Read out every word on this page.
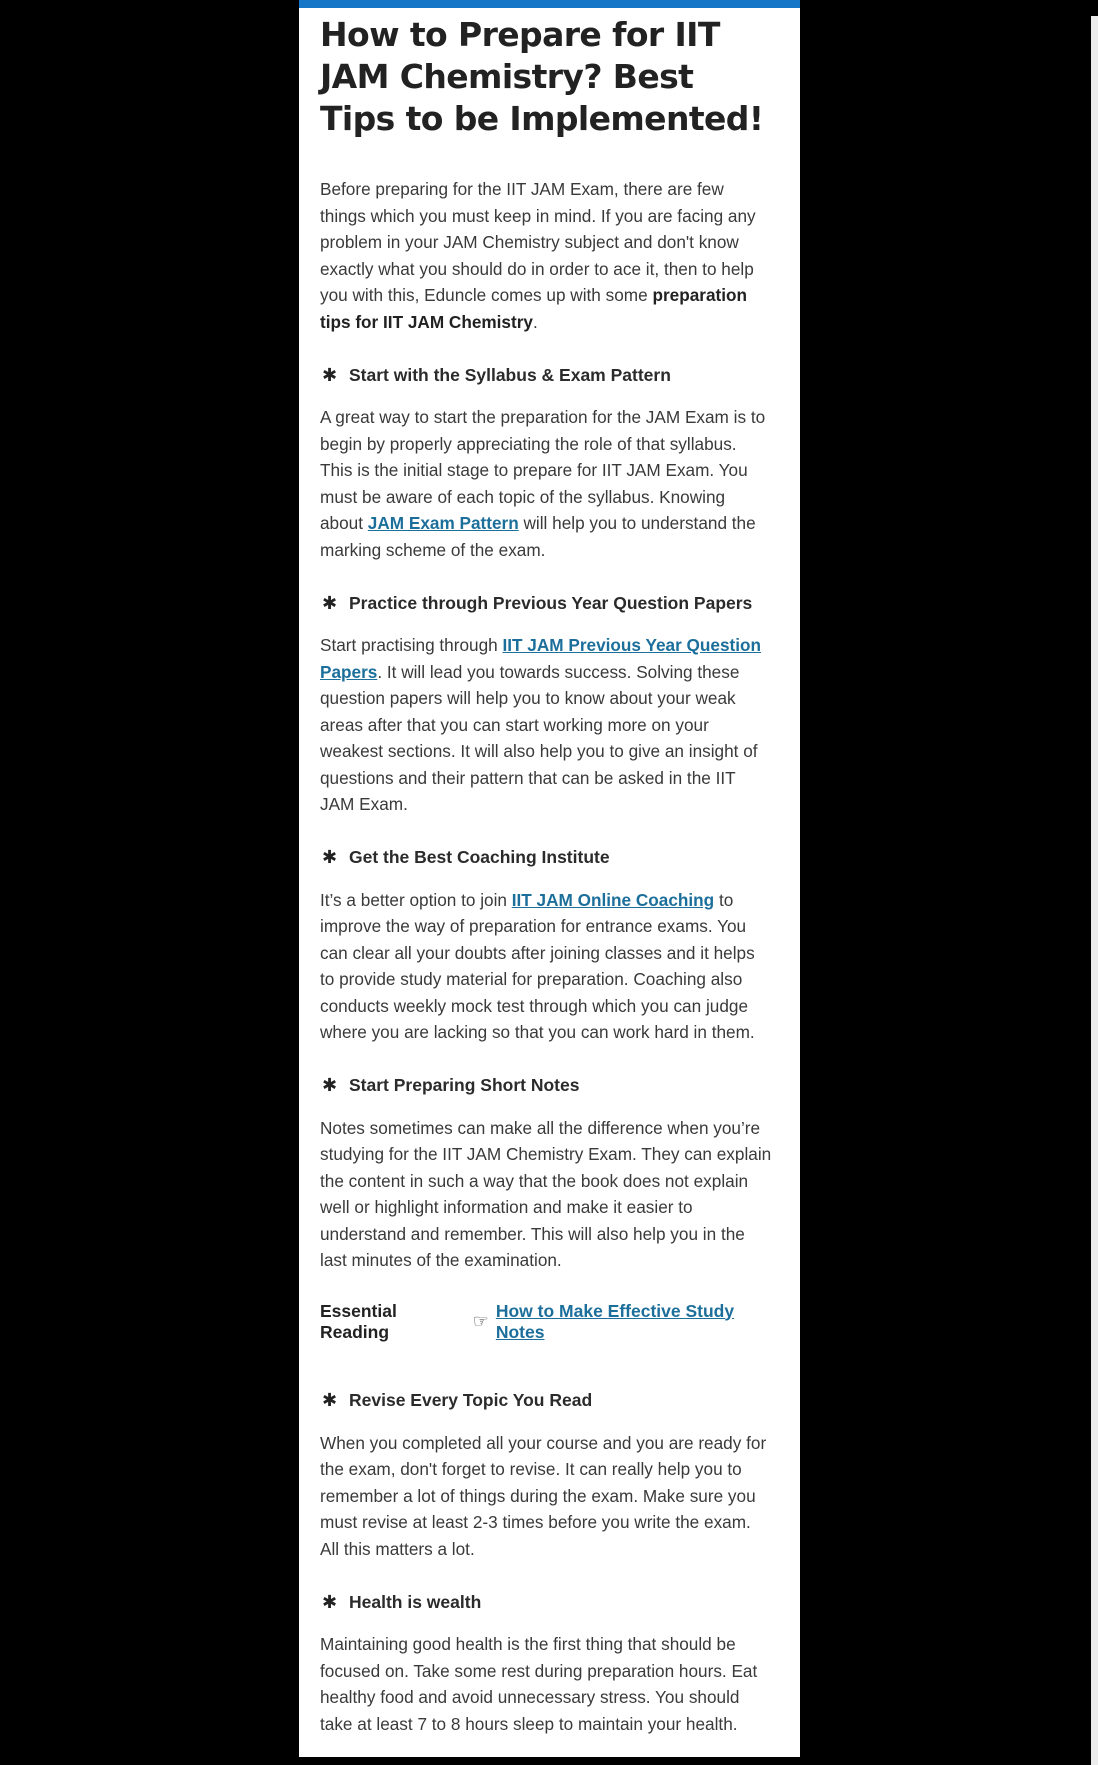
How to Prepare for IIT JAM Chemistry? Best Tips to be Implemented!

Before preparing for the IIT JAM Exam, there are few things which you must keep in mind. If you are facing any problem in your JAM Chemistry subject and don't know exactly what you should do in order to ace it, then to help you with this, Eduncle comes up with some preparation tips for IIT JAM Chemistry.

✱ Start with the Syllabus & Exam Pattern

A great way to start the preparation for the JAM Exam is to begin by properly appreciating the role of that syllabus. This is the initial stage to prepare for IIT JAM Exam. You must be aware of each topic of the syllabus. Knowing about JAM Exam Pattern will help you to understand the marking scheme of the exam.

✱ Practice through Previous Year Question Papers

Start practising through IIT JAM Previous Year Question Papers. It will lead you towards success. Solving these question papers will help you to know about your weak areas after that you can start working more on your weakest sections. It will also help you to give an insight of questions and their pattern that can be asked in the IIT JAM Exam.

✱ Get the Best Coaching Institute

It’s a better option to join IIT JAM Online Coaching to improve the way of preparation for entrance exams. You can clear all your doubts after joining classes and it helps to provide study material for preparation. Coaching also conducts weekly mock test through which you can judge where you are lacking so that you can work hard in them.

✱ Start Preparing Short Notes

Notes sometimes can make all the difference when you’re studying for the IIT JAM Chemistry Exam. They can explain the content in such a way that the book does not explain well or highlight information and make it easier to understand and remember. This will also help you in the last minutes of the examination.

Essential Reading
☞
How to Make Effective Study Notes
✱ Revise Every Topic You Read

When you completed all your course and you are ready for the exam, don't forget to revise. It can really help you to remember a lot of things during the exam. Make sure you must revise at least 2-3 times before you write the exam. All this matters a lot.

✱ Health is wealth

Maintaining good health is the first thing that should be focused on. Take some rest during preparation hours. Eat healthy food and avoid unnecessary stress. You should take at least 7 to 8 hours sleep to maintain your health.
